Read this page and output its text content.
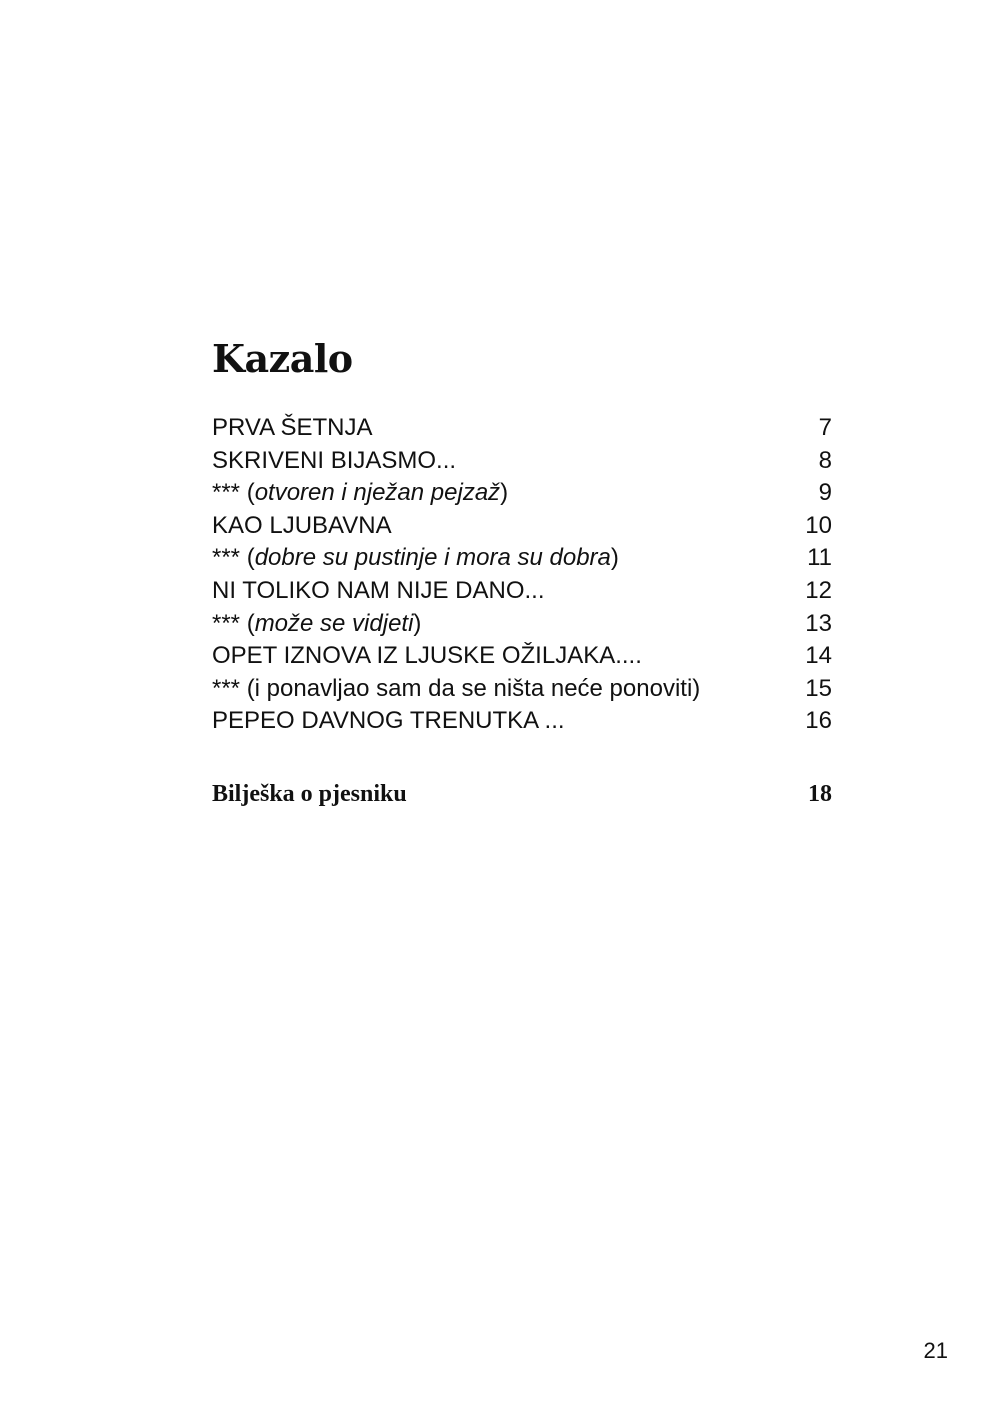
Kazalo
PRVA ŠETNJA	7
SKRIVENI BIJASMO...	8
*** (otvoren i nježan pejzaž)	9
KAO LJUBAVNA	10
*** (dobre su pustinje i mora su dobra)	11
NI TOLIKO NAM NIJE DANO...	12
*** (može se vidjeti)	13
OPET IZNOVA IZ LJUSKE OŽILJAKA....	14
*** (i ponavljao sam da se ništa neće ponoviti)	15
PEPEO DAVNOG TRENUTKA ...	16
Bilješka o pjesniku	18
21
